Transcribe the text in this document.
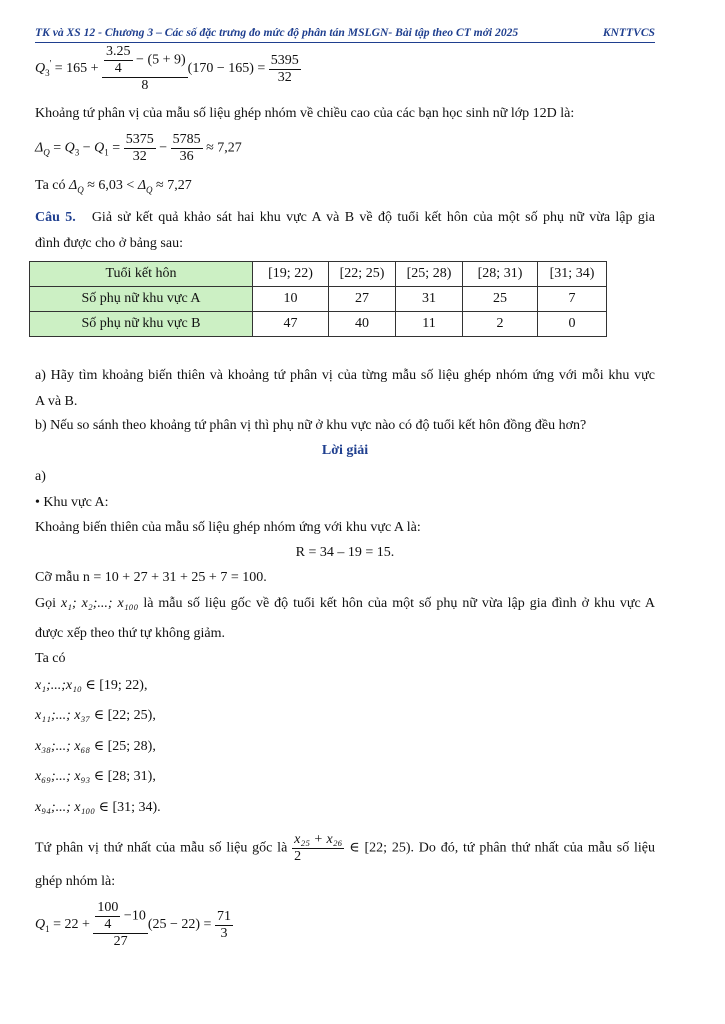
TK và XS 12 - Chương 3 – Các số đặc trưng đo mức độ phân tán MSLGN- Bài tập theo CT mới 2025	KNTTVCS
$Q_3' = 165 + \frac{\frac{3.25}{4} - (5 + 9)}{8} (170 - 165) = \frac{5395}{32}$
Khoảng tứ phân vị của mẫu số liệu ghép nhóm về chiều cao của các bạn học sinh nữ lớp 12D là:
$\Delta_Q = Q_3 - Q_1 = \frac{5375}{32} - \frac{5785}{36} \approx 7,27$
Ta có $\Delta_Q \approx 6,03 < \Delta_Q \approx 7,27$
Câu 5. Giả sử kết quả khảo sát hai khu vực A và B về độ tuổi kết hôn của một số phụ nữ vừa lập gia
đình được cho ở bảng sau:
Tuổi kết hôn	[19; 22)	[22; 25)	[25; 28)	[28; 31)	[31; 34)
Số phụ nữ khu vực A	10	27	31	25	7
Số phụ nữ khu vực B	47	40	11	2	0
a) Hãy tìm khoảng biến thiên và khoảng tứ phân vị của từng mẫu số liệu ghép nhóm ứng với mỗi khu vực
A và B.
b) Nếu so sánh theo khoảng tứ phân vị thì phụ nữ ở khu vực nào có độ tuổi kết hôn đồng đều hơn?
Lời giải
a)
• Khu vực A:
Khoảng biến thiên của mẫu số liệu ghép nhóm ứng với khu vực A là:
R = 34 – 19 = 15.
Cỡ mẫu n = 10 + 27 + 31 + 25 + 7 = 100.
Gọi x₁; x₂;...; x₁₀₀ là mẫu số liệu gốc về độ tuổi kết hôn của một số phụ nữ vừa lập gia đình ở khu vực A
được xếp theo thứ tự không giảm.
Ta có
x₁;...;x₁₀ ∈ [19; 22),
x₁₁;...; x₃₇ ∈ [22; 25),
x₃₈;...; x₆₈ ∈ [25; 28),
x₆₉;...; x₉₃ ∈ [28; 31),
x₉₄;...; x₁₀₀ ∈ [31; 34).
Tứ phân vị thứ nhất của mẫu số liệu gốc là $\frac{\text{x₂₅ + x₂₆}}{2}$ ∈ [22; 25). Do đó, tứ phân thứ nhất của mẫu số liệu
ghép nhóm là:
$Q_1 = 22 + \frac{\frac{100}{4} -10}{27} (25 - 22) = \frac{71}{3}$
